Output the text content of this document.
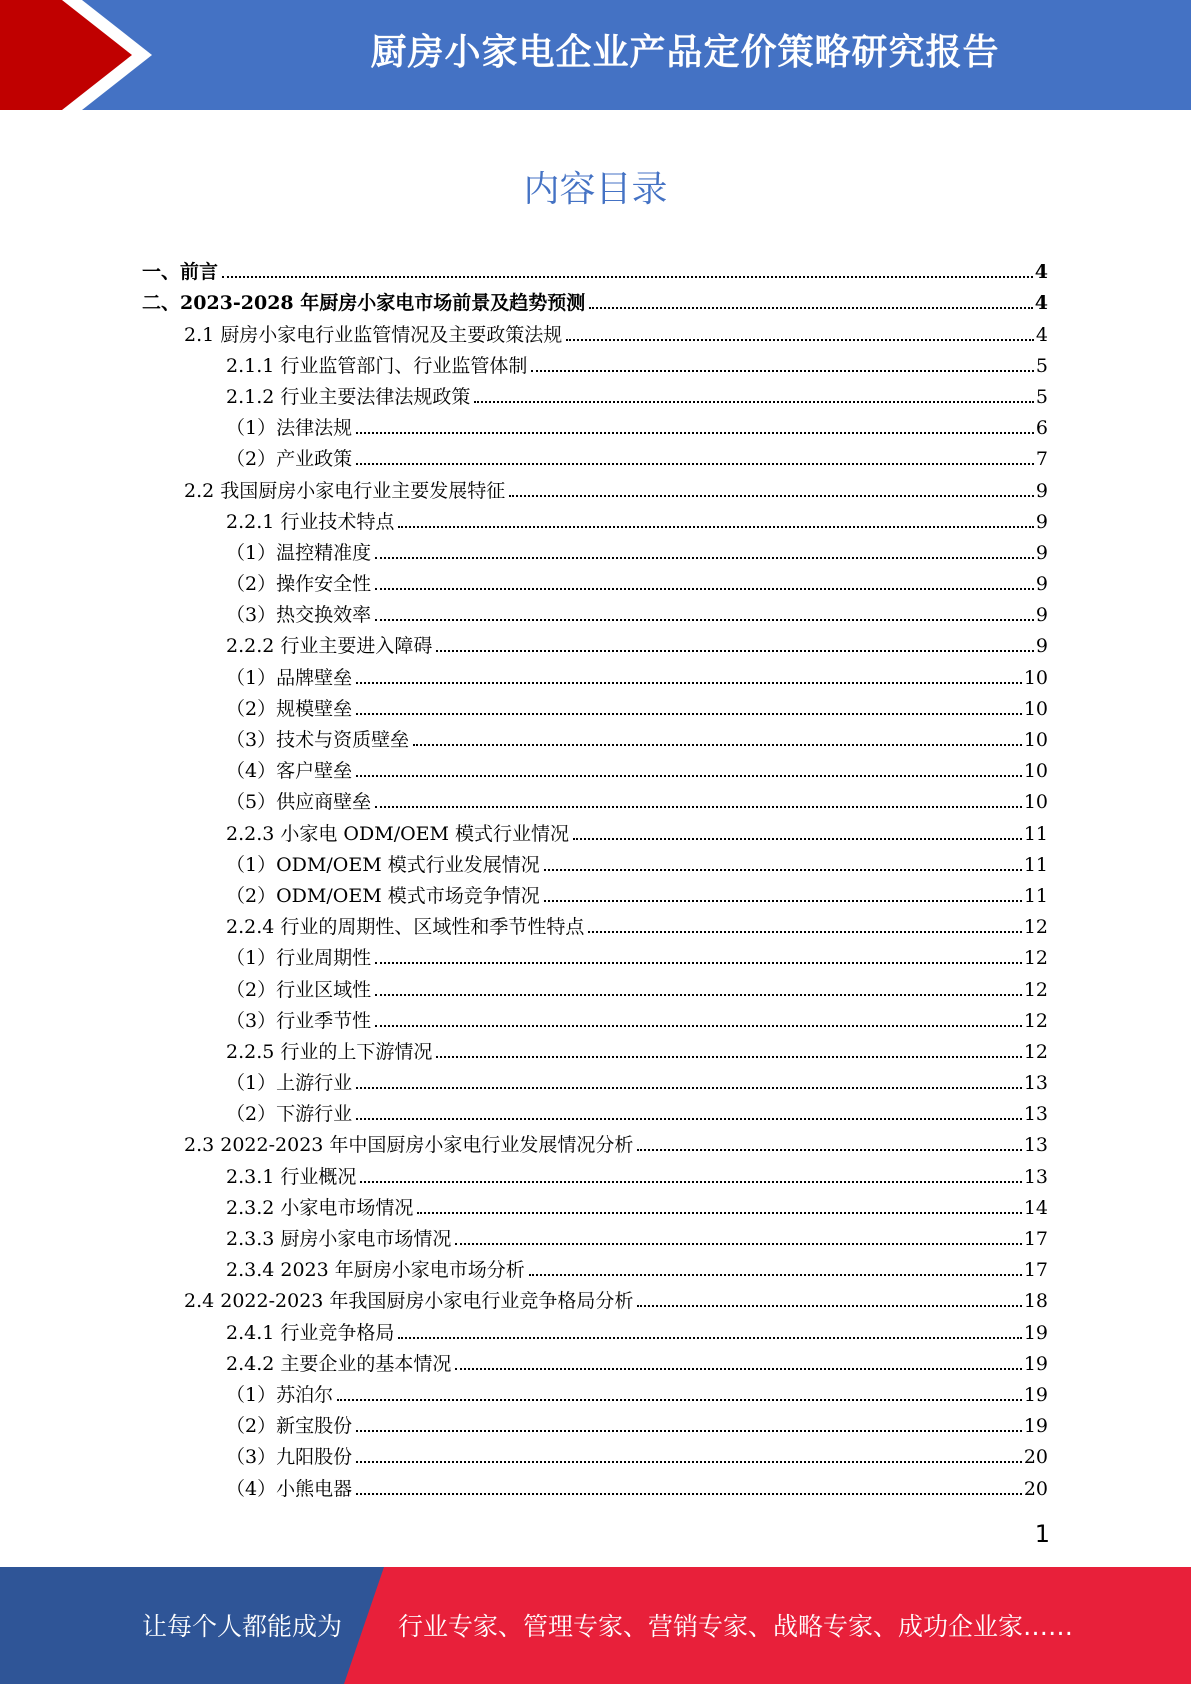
厨房小家电企业产品定价策略研究报告
内容目录
一、前言	4
二、2023-2028 年厨房小家电市场前景及趋势预测	4
2.1 厨房小家电行业监管情况及主要政策法规	4
2.1.1 行业监管部门、行业监管体制	5
2.1.2 行业主要法律法规政策	5
（1）法律法规	6
（2）产业政策	7
2.2 我国厨房小家电行业主要发展特征	9
2.2.1 行业技术特点	9
（1）温控精准度	9
（2）操作安全性	9
（3）热交换效率	9
2.2.2 行业主要进入障碍	9
（1）品牌壁垒	10
（2）规模壁垒	10
（3）技术与资质壁垒	10
（4）客户壁垒	10
（5）供应商壁垒	10
2.2.3 小家电 ODM/OEM 模式行业情况	11
（1）ODM/OEM 模式行业发展情况	11
（2）ODM/OEM 模式市场竞争情况	11
2.2.4 行业的周期性、区域性和季节性特点	12
（1）行业周期性	12
（2）行业区域性	12
（3）行业季节性	12
2.2.5 行业的上下游情况	12
（1）上游行业	13
（2）下游行业	13
2.3 2022-2023 年中国厨房小家电行业发展情况分析	13
2.3.1 行业概况	13
2.3.2 小家电市场情况	14
2.3.3 厨房小家电市场情况	17
2.3.4 2023 年厨房小家电市场分析	17
2.4 2022-2023 年我国厨房小家电行业竞争格局分析	18
2.4.1 行业竞争格局	19
2.4.2 主要企业的基本情况	19
（1）苏泊尔	19
（2）新宝股份	19
（3）九阳股份	20
（4）小熊电器	20
1
让每个人都能成为 行业专家、管理专家、营销专家、战略专家、成功企业家……
